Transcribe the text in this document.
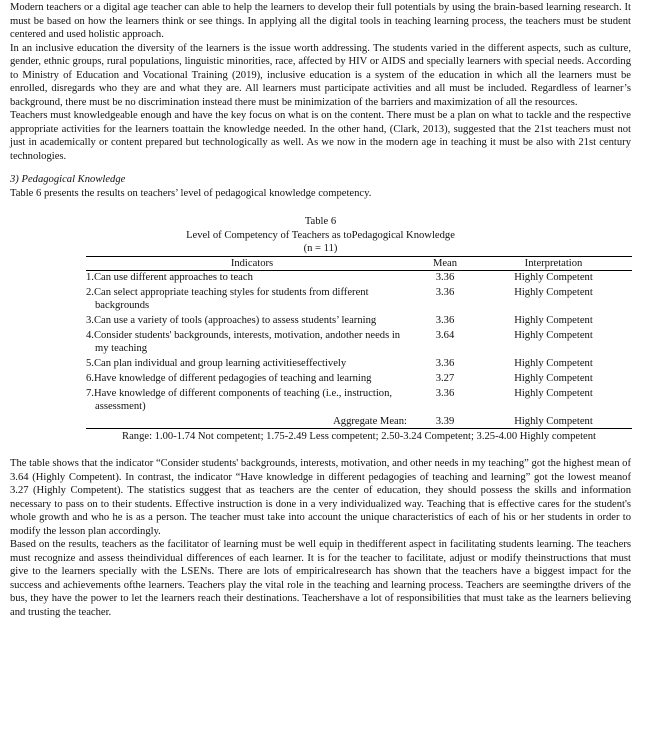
Modern teachers or a digital age teacher can able to help the learners to develop their full potentials by using the brain-based learning research. It must be based on how the learners think or see things. In applying all the digital tools in teaching learning process, the teachers must be student centered and used holistic approach.

In an inclusive education the diversity of the learners is the issue worth addressing. The students varied in the different aspects, such as culture, gender, ethnic groups, rural populations, linguistic minorities, race, affected by HIV or AIDS and specially learners with special needs. According to Ministry of Education and Vocational Training (2019), inclusive education is a system of the education in which all the learners must be enrolled, disregards who they are and what they are. All learners must participate activities and all must be included. Regardless of learner’s background, there must be no discrimination instead there must be minimization of the barriers and maximization of all the resources.

Teachers must knowledgeable enough and have the key focus on what is on the content. There must be a plan on what to tackle and the respective appropriate activities for the learners toattain the knowledge needed. In the other hand, (Clark, 2013), suggested that the 21st teachers must not just in academically or content prepared but technologically as well. As we now in the modern age in teaching it must be also with 21st century technologies.

3) Pedagogical Knowledge

Table 6 presents the results on teachers’ level of pedagogical knowledge competency.

Table 6
Level of Competency of Teachers as toPedagogical Knowledge
(n = 11)
Indicators	Mean	Interpretation
1.Can use different approaches to teach	3.36	Highly Competent
2.Can select appropriate teaching styles for students from different backgrounds	3.36	Highly Competent
3.Can use a variety of tools (approaches) to assess students’ learning	3.36	Highly Competent
4.Consider students' backgrounds, interests, motivation, andother needs in my teaching	3.64	Highly Competent
5.Can plan individual and group learning activitieseffectively	3.36	Highly Competent
6.Have knowledge of different pedagogies of teaching and learning	3.27	Highly Competent
7.Have knowledge of different components of teaching (i.e., instruction, assessment)	3.36	Highly Competent
Aggregate Mean:	3.39	Highly Competent
Range: 1.00-1.74 Not competent; 1.75-2.49 Less competent; 2.50-3.24 Competent; 3.25-4.00 Highly competent

The table shows that the indicator “Consider students' backgrounds, interests, motivation, and other needs in my teaching” got the highest mean of 3.64 (Highly Competent). In contrast, the indicator “Have knowledge in different pedagogies of teaching and learning” got the lowest meanof 3.27 (Highly Competent). The statistics suggest that as teachers are the center of education, they should possess the skills and information necessary to pass on to their students. Effective instruction is done in a very individualized way. Teaching that is effective cares for the student's whole growth and who he is as a person. The teacher must take into account the unique characteristics of each of his or her students in order to modify the lesson plan accordingly.

Based on the results, teachers as the facilitator of learning must be well equip in thedifferent aspect in facilitating students learning. The teachers must recognize and assess theindividual differences of each learner. It is for the teacher to facilitate, adjust or modify theinstructions that must give to the learners specially with the LSENs. There are lots of empiricalresearch has shown that the teachers have a biggest impact for the success and achievements ofthe learners. Teachers play the vital role in the teaching and learning process. Teachers are seemingthe drivers of the bus, they have the power to let the learners reach their destinations. Teachershave a lot of responsibilities that must take as the learners believing and trusting the teacher.
